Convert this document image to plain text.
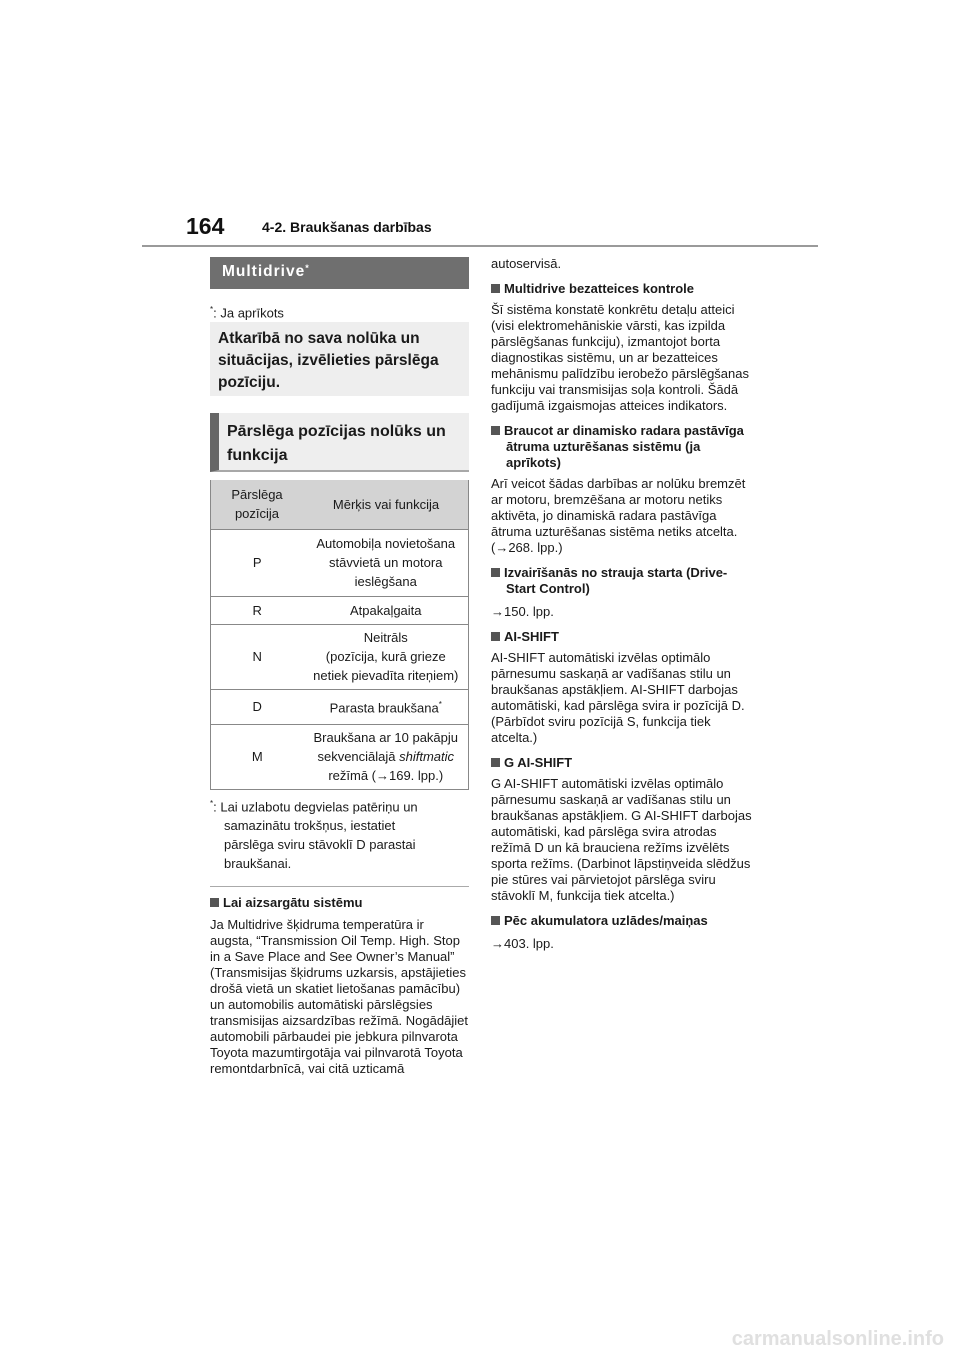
164	4-2. Braukšanas darbības
Multidrive*
*: Ja aprīkots
Atkarībā no sava nolūka un situācijas, izvēlieties pārslēga pozīciju.
Pārslēga pozīcijas nolūks un funkcija
Pārslēga pozīcija	Mērķis vai funkcija
P	Automobiļa novietošana
stāvvietā un motora
ieslēgšana

R	Atpakaļgaita
N	Neitrāls
(pozīcija, kurā grieze
netiek pievadīta riteņiem)

D	Parasta braukšana*
M	Braukšana ar 10 pakāpju
sekvenciālajā shiftmatic
režīmā (→169. lpp.)
*: Lai uzlabotu degvielas patēriņu un
samazinātu trokšņus, iestatiet
pārslēga sviru stāvoklī D parastai
braukšanai.
Lai aizsargātu sistēmu
Ja Multidrive šķidruma temperatūra ir augsta, “Transmission Oil Temp. High. Stop in a Save Place and See Owner’s Manual” (Transmisijas šķidrums uzkarsis, apstājieties drošā vietā un skatiet lietošanas pamācību) un automobilis automātiski pārslēgsies transmisijas aizsardzības režīmā. Nogādājiet automobili pārbaudei pie jebkura pilnvarota Toyota mazumtirgotāja vai pilnvarotā Toyota remontdarbnīcā, vai citā uzticamā
autoservisā.
Multidrive bezatteices kontrole
Šī sistēma konstatē konkrētu detaļu atteici (visi elektromehāniskie vārsti, kas izpilda pārslēgšanas funkciju), izmantojot borta diagnostikas sistēmu, un ar bezatteices mehānismu palīdzību ierobežo pārslēgšanas funkciju vai transmisijas soļa kontroli. Šādā gadījumā izgaismojas atteices indikators.
Braucot ar dinamisko radara pastāvīga ātruma uzturēšanas sistēmu (ja aprīkots)
Arī veicot šādas darbības ar nolūku bremzēt ar motoru, bremzēšana ar motoru netiks aktivēta, jo dinamiskā radara pastāvīga ātruma uzturēšanas sistēma netiks atcelta. (→268. lpp.)
Izvairīšanās no strauja starta (Drive-Start Control)
→150. lpp.
AI-SHIFT
AI-SHIFT automātiski izvēlas optimālo pārnesumu saskaņā ar vadīšanas stilu un braukšanas apstākļiem. AI-SHIFT darbojas automātiski, kad pārslēga svira ir pozīcijā D. (Pārbīdot sviru pozīcijā S, funkcija tiek atcelta.)
G AI-SHIFT
G AI-SHIFT automātiski izvēlas optimālo pārnesumu saskaņā ar vadīšanas stilu un braukšanas apstākļiem. G AI-SHIFT darbojas automātiski, kad pārslēga svira atrodas režīmā D un kā brauciena režīms izvēlēts sporta režīms. (Darbinot lāpstiņveida slēdžus pie stūres vai pārvietojot pārslēga sviru stāvoklī M, funkcija tiek atcelta.)
Pēc akumulatora uzlādes/maiņas
→403. lpp.
carmanualsonline.info
